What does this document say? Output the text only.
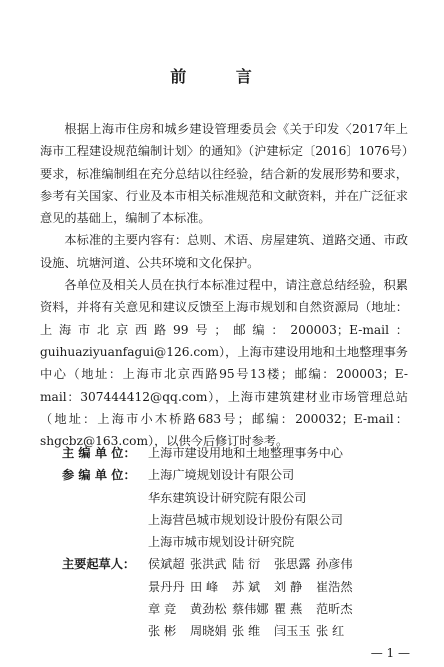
前 言

根据上海市住房和城乡建设管理委员会《关于印发〈2017年上海市工程建设规范编制计划〉的通知》（沪建标定〔2016〕1076号）要求，标准编制组在充分总结以往经验，结合新的发展形势和要求，参考有关国家、行业及本市相关标准规范和文献资料，并在广泛征求意见的基础上，编制了本标准。

本标准的主要内容有：总则、术语、房屋建筑、道路交通、市政设施、坑塘河道、公共环境和文化保护。

各单位及相关人员在执行本标准过程中，请注意总结经验，积累资料，并将有关意见和建议反馈至上海市规划和自然资源局（地址：上海市北京西路99号；邮编：200003；E-mail：guihuaziyuanfagui@126.com），上海市建设用地和土地整理事务中心（地址：上海市北京西路95号13楼；邮编：200003；E-mail：307444412@qq.com），上海市建筑建材业市场管理总站（地址：上海市小木桥路683号；邮编：200032；E-mail：shgcbz@163.com），以供今后修订时参考。

主 编 单 位：	上海市建设用地和土地整理事务中心
参 编 单 位：	上海广境规划设计有限公司
华东建筑设计研究院有限公司
上海营邑城市规划设计股份有限公司
上海市城市规划设计研究院
主要起草人：	侯斌超 张洪武 陆 衍	张思露 孙彦伟
景丹丹 田 峰	苏 斌	刘 静	崔浩然
章 竞	黄劲松 蔡伟娜 瞿 燕	范昕杰
张 彬	周晓娟 张 维	闫玉玉 张 红
— 1 —
